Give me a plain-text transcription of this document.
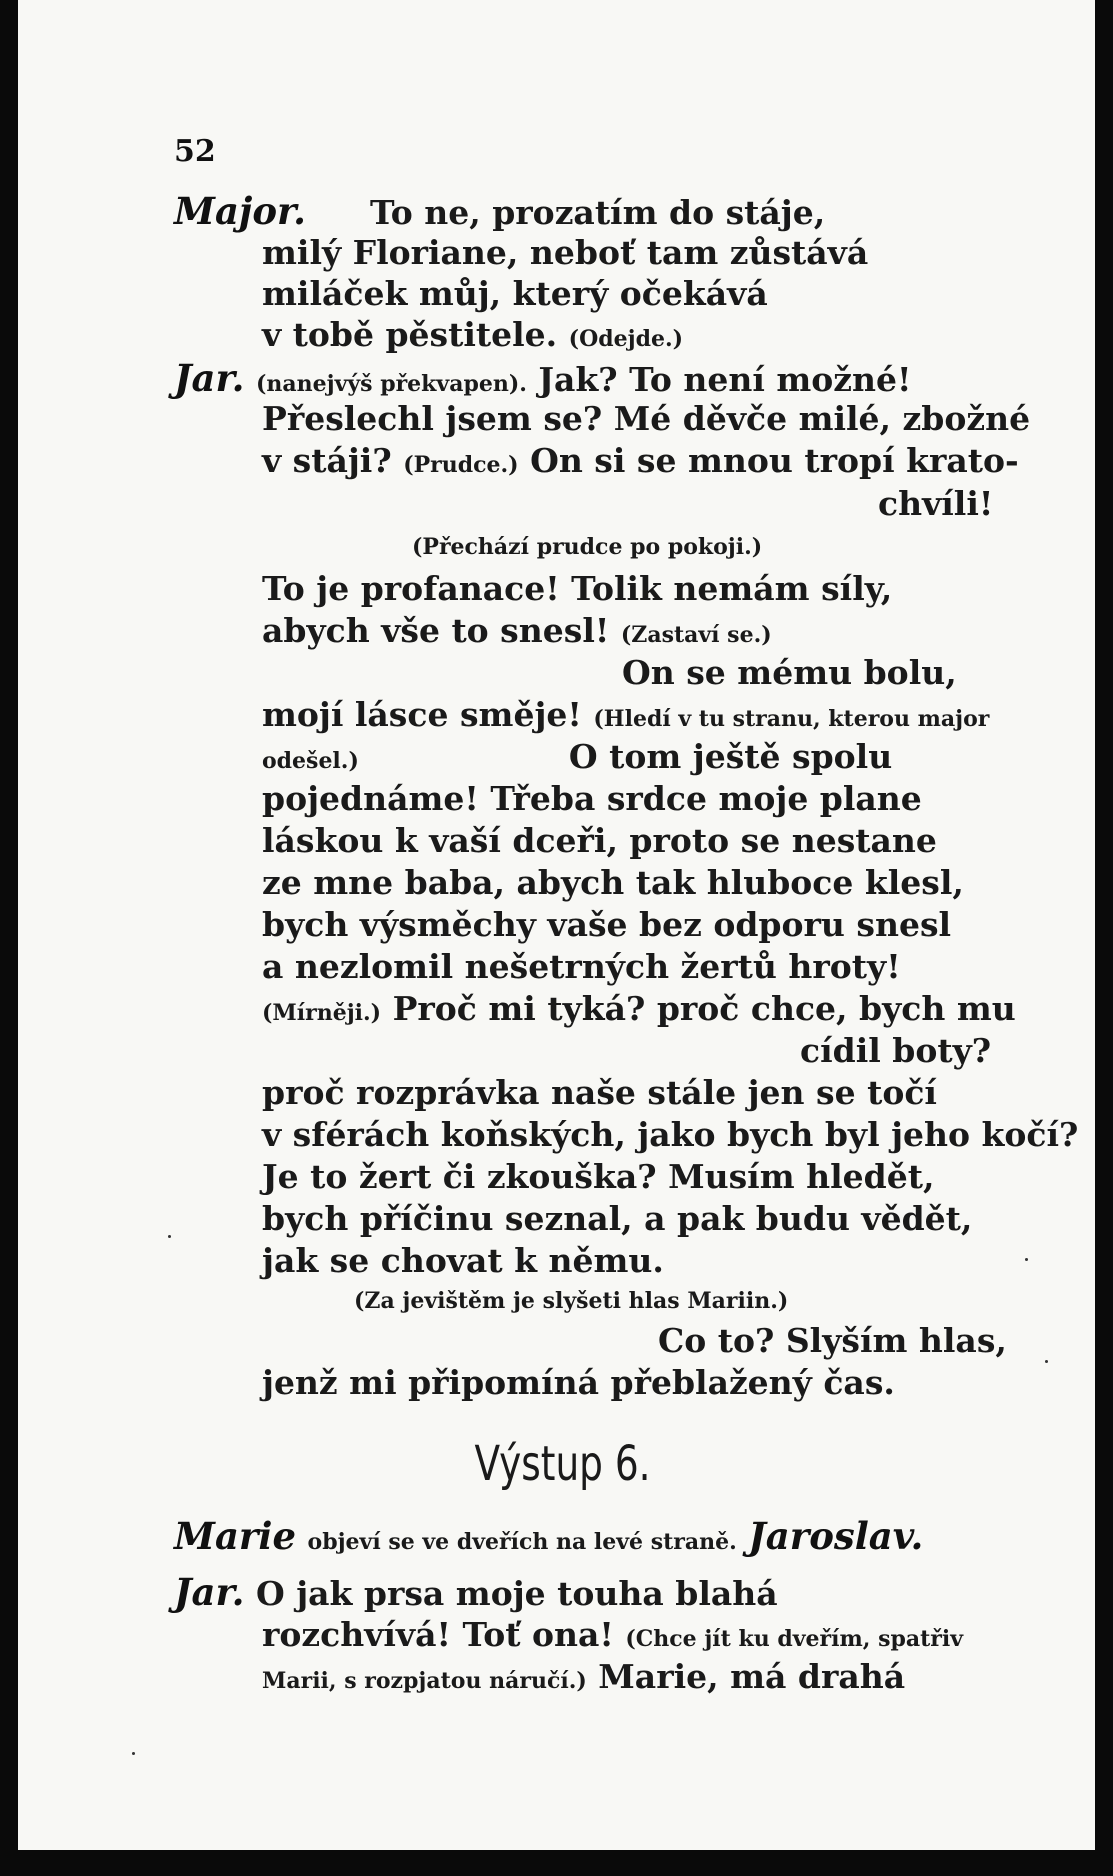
52
Major. To ne, prozatím do stáje,
milý Floriane, neboť tam zůstává
miláček můj, který očekává
v tobě pěstitele. (Odejde.)
Jar. (nanejvýš překvapen). Jak? To není možné!
Přeslechl jsem se? Mé děvče milé, zbožné
v stáji? (Prudce.) On si se mnou tropí krato-
chvíli!
(Přechází prudce po pokoji.)
To je profanace! Tolik nemám síly,
abych vše to snesl! (Zastaví se.)
On se mému bolu,
mojí lásce směje! (Hledí v tu stranu, kterou major
odešel.)	O tom ještě spolu
pojednáme! Třeba srdce moje plane
láskou k vaší dceři, proto se nestane
ze mne baba, abych tak hluboce klesl,
bych výsměchy vaše bez odporu snesl
a nezlomil nešetrných žertů hroty!
(Mírněji.) Proč mi tyká? proč chce, bych mu
cídil boty?
proč rozprávka naše stále jen se točí
v sférách koňských, jako bych byl jeho kočí?
Je to žert či zkouška? Musím hledět,
bych příčinu seznal, a pak budu vědět,
jak se chovat k němu.
(Za jevištěm je slyšeti hlas Mariin.)
Co to? Slyším hlas,
jenž mi připomíná přeblažený čas.
Výstup 6.
Marie objeví se ve dveřích na levé straně. Jaroslav.
Jar. O jak prsa moje touha blahá
rozchvívá! Toť ona! (Chce jít ku dveřím, spatřiv
Marii, s rozpjatou náručí.) Marie, má drahá
